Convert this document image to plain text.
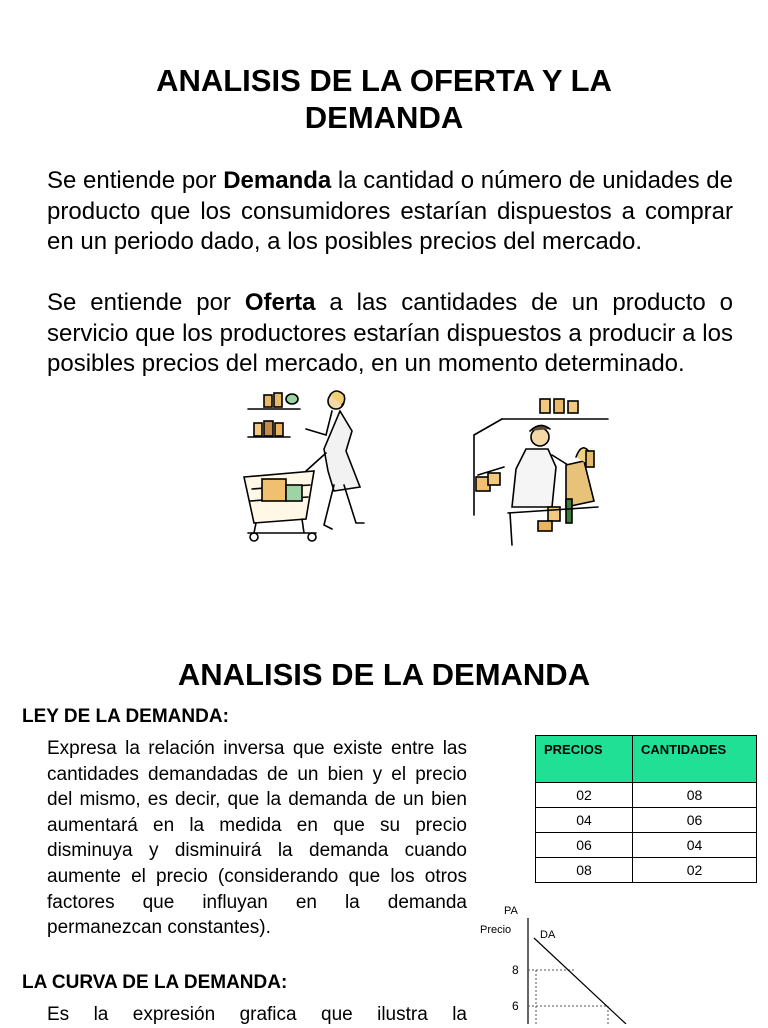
ANALISIS DE LA OFERTA Y LA
DEMANDA
Se entiende por Demanda la cantidad o número de unidades de producto que los consumidores estarían dispuestos a comprar en un periodo dado, a los posibles precios del mercado.
Se entiende por Oferta a las cantidades de un producto o servicio que los productores estarían dispuestos a producir a los posibles precios del mercado, en un momento determinado.
ANALISIS DE LA DEMANDA
LEY DE LA DEMANDA:
Expresa la relación inversa que existe entre las cantidades demandadas de un bien y el precio del mismo, es decir, que la demanda de un bien aumentará en la medida en que su precio disminuya y disminuirá la demanda cuando aumente el precio (considerando que los otros factores que influyan en la demanda permanezcan constantes).
LA CURVA DE LA DEMANDA:
Es la expresión grafica que ilustra la
PRECIOS	CANTIDADES
02	08
04	06
06	04
08	02
PA
Precio
8
6
DA
